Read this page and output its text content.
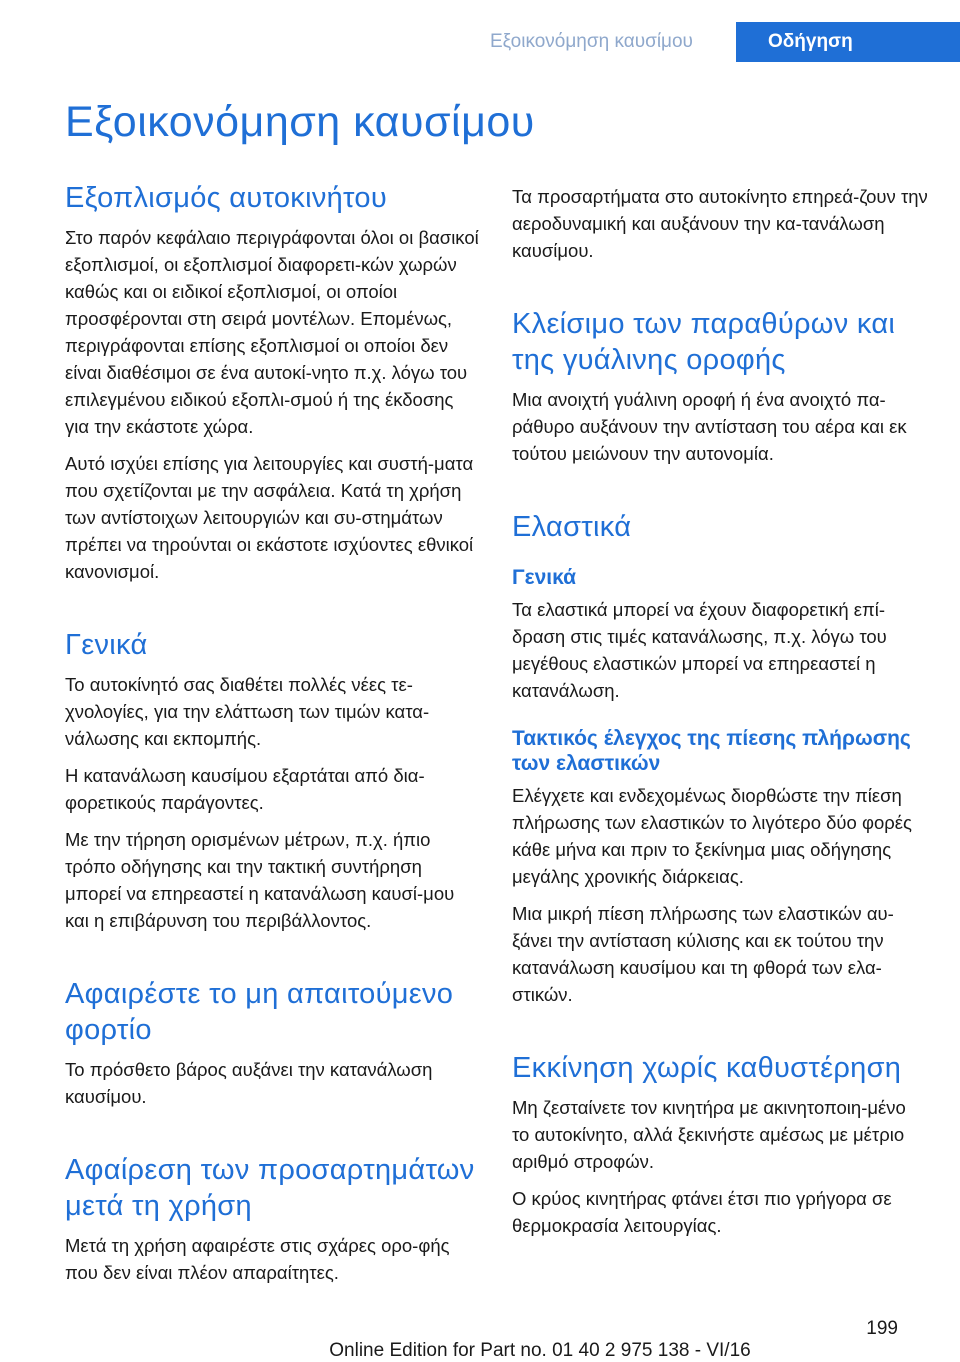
Εξοικονόμηση καυσίμου	Οδήγηση
Εξοικονόμηση καυσίμου
Εξοπλισμός αυτοκινήτου

Στο παρόν κεφάλαιο περιγράφονται όλοι οι βασικοί εξοπλισμοί, οι εξοπλισμοί διαφορετι‐κών χωρών καθώς και οι ειδικοί εξοπλισμοί, οι οποίοι προσφέρονται στη σειρά μοντέλων. Επομένως, περιγράφονται επίσης εξοπλισμοί οι οποίοι δεν είναι διαθέσιμοι σε ένα αυτοκί‐νητο π.χ. λόγω του επιλεγμένου ειδικού εξοπλι‐σμού ή της έκδοσης για την εκάστοτε χώρα.

Αυτό ισχύει επίσης για λειτουργίες και συστή‐ματα που σχετίζονται με την ασφάλεια. Κατά τη χρήση των αντίστοιχων λειτουργιών και συ‐στημάτων πρέπει να τηρούνται οι εκάστοτε ισχύοντες εθνικοί κανονισμοί.

Γενικά

Το αυτοκίνητό σας διαθέτει πολλές νέες τε‐χνολογίες, για την ελάττωση των τιμών κατα‐νάλωσης και εκπομπής.

Η κατανάλωση καυσίμου εξαρτάται από δια‐φορετικούς παράγοντες.

Με την τήρηση ορισμένων μέτρων, π.χ. ήπιο τρόπο οδήγησης και την τακτική συντήρηση μπορεί να επηρεαστεί η κατανάλωση καυσί‐μου και η επιβάρυνση του περιβάλλοντος.

Αφαιρέστε το μη απαιτούμενο φορτίο

Το πρόσθετο βάρος αυξάνει την κατανάλωση καυσίμου.

Αφαίρεση των προσαρτημάτων μετά τη χρήση

Μετά τη χρήση αφαιρέστε στις σχάρες ορο‐φής που δεν είναι πλέον απαραίτητες.

Τα προσαρτήματα στο αυτοκίνητο επηρεά‐ζουν την αεροδυναμική και αυξάνουν την κα‐τανάλωση καυσίμου.

Κλείσιμο των παραθύρων και της γυάλινης οροφής

Μια ανοιχτή γυάλινη οροφή ή ένα ανοιχτό πα‐ράθυρο αυξάνουν την αντίσταση του αέρα και εκ τούτου μειώνουν την αυτονομία.

Ελαστικά
Γενικά

Τα ελαστικά μπορεί να έχουν διαφορετική επί‐δραση στις τιμές κατανάλωσης, π.χ. λόγω του μεγέθους ελαστικών μπορεί να επηρεαστεί η κατανάλωση.

Τακτικός έλεγχος της πίεσης πλήρωσης των ελαστικών

Ελέγχετε και ενδεχομένως διορθώστε την πίεση πλήρωσης των ελαστικών το λιγότερο δύο φορές κάθε μήνα και πριν το ξεκίνημα μιας οδήγησης μεγάλης χρονικής διάρκειας.

Μια μικρή πίεση πλήρωσης των ελαστικών αυ‐ξάνει την αντίσταση κύλισης και εκ τούτου την κατανάλωση καυσίμου και τη φθορά των ελα‐στικών.

Εκκίνηση χωρίς καθυστέρηση

Μη ζεσταίνετε τον κινητήρα με ακινητοποιη‐μένο το αυτοκίνητο, αλλά ξεκινήστε αμέσως με μέτριο αριθμό στροφών.

Ο κρύος κινητήρας φτάνει έτσι πιο γρήγορα σε θερμοκρασία λειτουργίας.

199
Online Edition for Part no. 01 40 2 975 138 - VI/16
